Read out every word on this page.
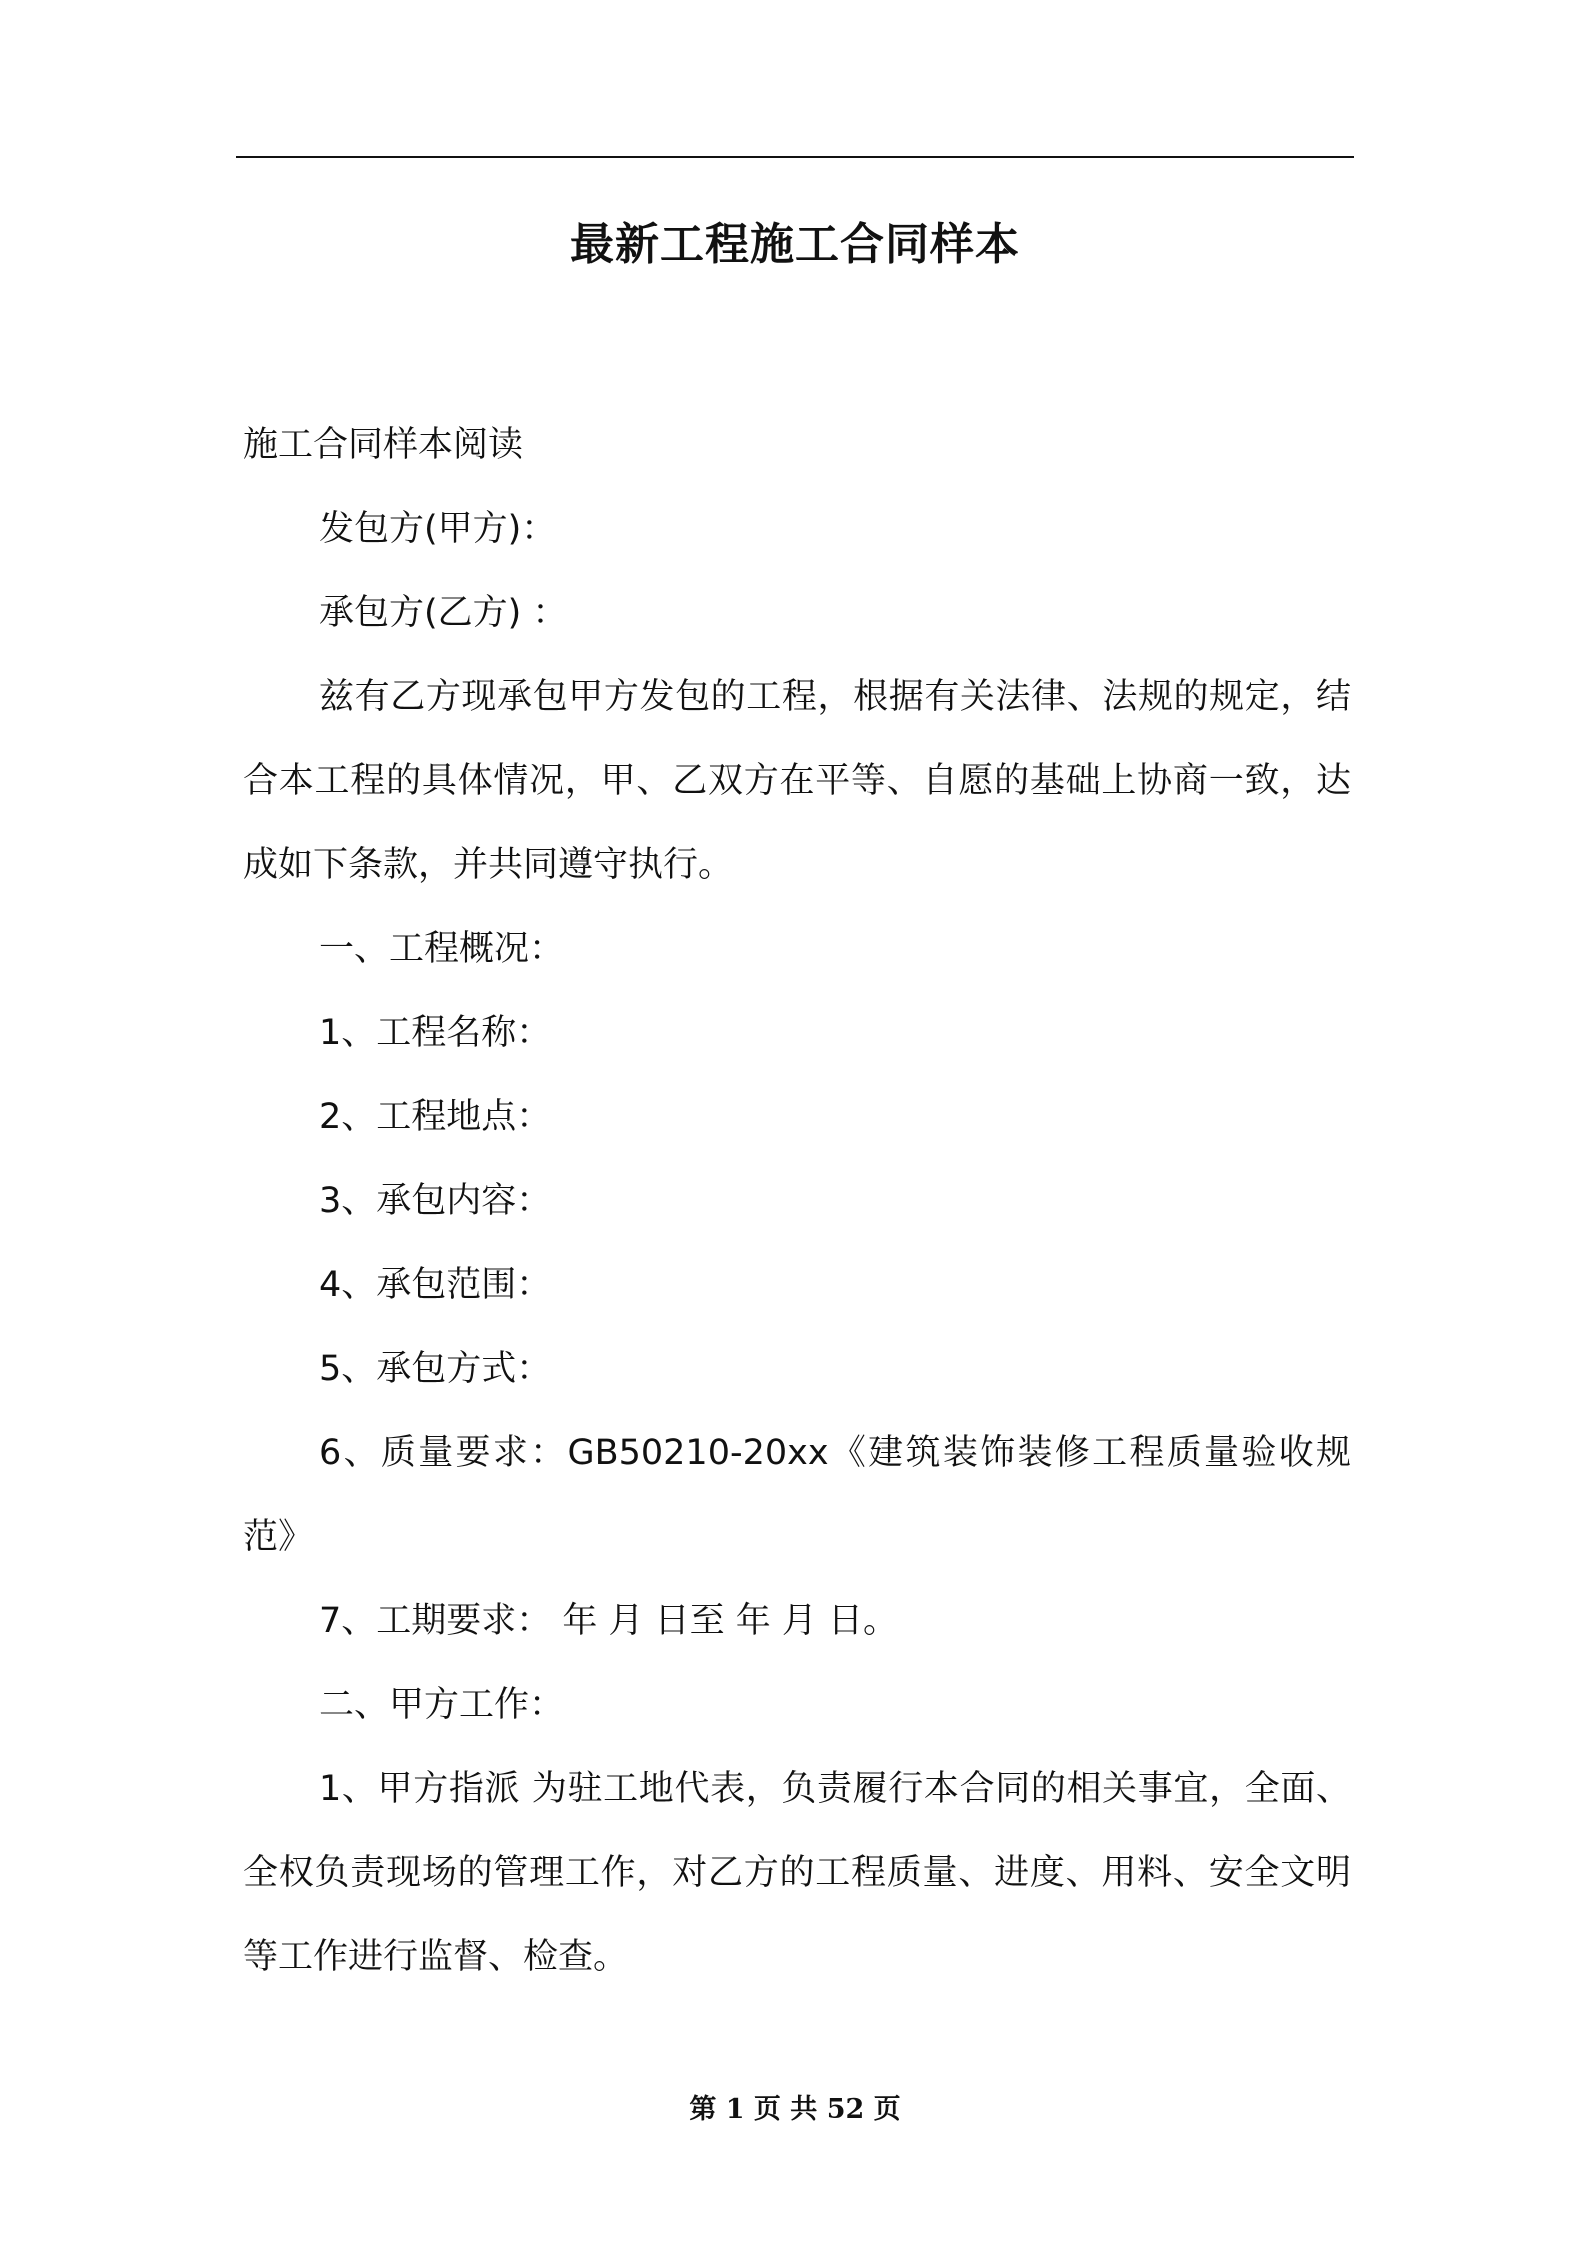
最新工程施工合同样本

施工合同样本阅读

发包方(甲方)：

承包方(乙方) ：

兹有乙方现承包甲方发包的工程，根据有关法律、法规的规定，结合本工程的具体情况，甲、乙双方在平等、自愿的基础上协商一致，达成如下条款，并共同遵守执行。

一、工程概况：

1、工程名称：

2、工程地点：

3、承包内容：

4、承包范围：

5、承包方式：

6、质量要求：GB50210-20xx《建筑装饰装修工程质量验收规范》

7、工期要求： 年 月 日至 年 月 日。

二、甲方工作：

1、甲方指派 为驻工地代表，负责履行本合同的相关事宜，全面、全权负责现场的管理工作，对乙方的工程质量、进度、用料、安全文明等工作进行监督、检查。

第 1 页 共 52 页
